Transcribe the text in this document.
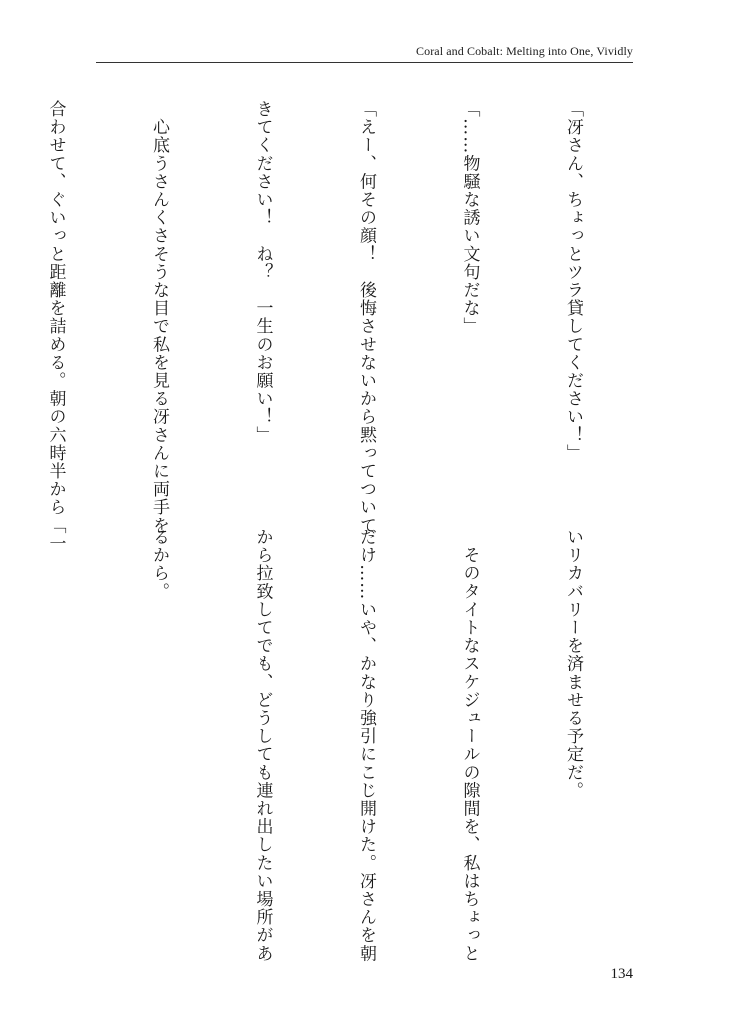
Coral and Cobalt: Melting into One, Vividly

「冴さん、ちょっとツラ貸してください！」

「……物騒な誘い文句だな」

「えー、何その顔！　後悔させないから黙ってついて

きてください！　ね？　一生のお願い！」

　心底うさんくさそうな目で私を見る冴さんに両手を

合わせて、ぐいっと距離を詰める。朝の六時半から「一

いリカバリーを済ませる予定だ。

　そのタイトなスケジュールの隙間を、私はちょっと

だけ……いや、かなり強引にこじ開けた。冴さんを朝

から拉致してでも、どうしても連れ出したい場所があ

るから。

134
